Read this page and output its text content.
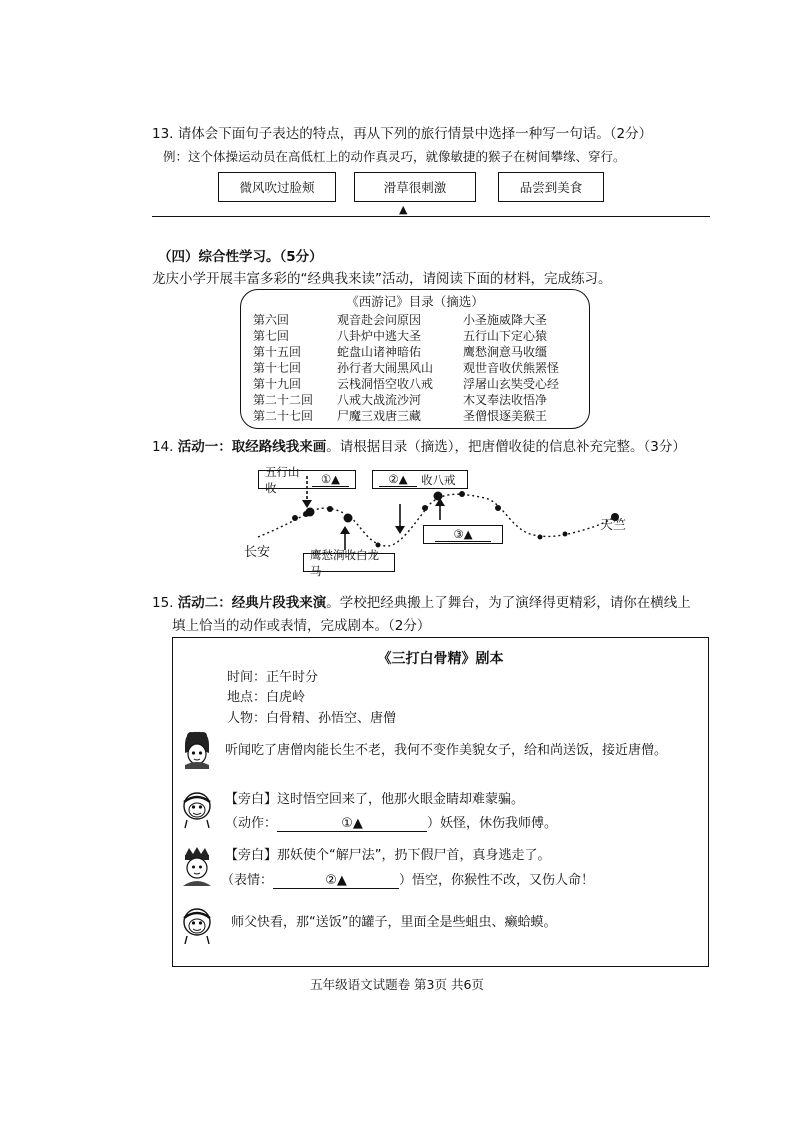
13. 请体会下面句子表达的特点，再从下列的旅行情景中选择一种写一句话。（2分）
例：这个体操运动员在高低杠上的动作真灵巧，就像敏捷的猴子在树间攀缘、穿行。
微风吹过脸颊	滑草很刺激	品尝到美食
▲
（四）综合性学习。（5分）
龙庆小学开展丰富多彩的“经典我来读”活动，请阅读下面的材料，完成练习。
《西游记》目录（摘选）
第六回	观音赴会问原因	小圣施威降大圣
第七回	八卦炉中逃大圣	五行山下定心猿
第十五回	蛇盘山诸神暗佑	鹰愁涧意马收缰
第十七回	孙行者大闹黑风山	观世音收伏熊罴怪
第十九回	云栈洞悟空收八戒	浮屠山玄奘受心经
第二十二回	八戒大战流沙河	木叉奉法收悟净
第二十七回	尸魔三戏唐三藏	圣僧恨逐美猴王
14. 活动一：取经路线我来画。请根据目录（摘选），把唐僧收徒的信息补充完整。（3分）
五行山收
①▲	②▲	收八戒
③▲
鹰愁涧收白龙马
长安
天竺
15. 活动二：经典片段我来演。学校把经典搬上了舞台，为了演绎得更精彩，请你在横线上
填上恰当的动作或表情，完成剧本。（2分）
《三打白骨精》剧本
时间：正午时分
地点：白虎岭
人物：白骨精、孙悟空、唐僧
听闻吃了唐僧肉能长生不老，我何不变作美貌女子，给和尚送饭，接近唐僧。
【旁白】这时悟空回来了，他那火眼金睛却难蒙骗。
（动作：	①▲	）妖怪，休伤我师傅。
【旁白】那妖使个“解尸法”，扔下假尸首，真身逃走了。
（表情：	②▲	）悟空，你猴性不改，又伤人命！
师父快看，那“送饭”的罐子，里面全是些蛆虫、癞蛤蟆。
五年级语文试题卷 第3页 共6页
